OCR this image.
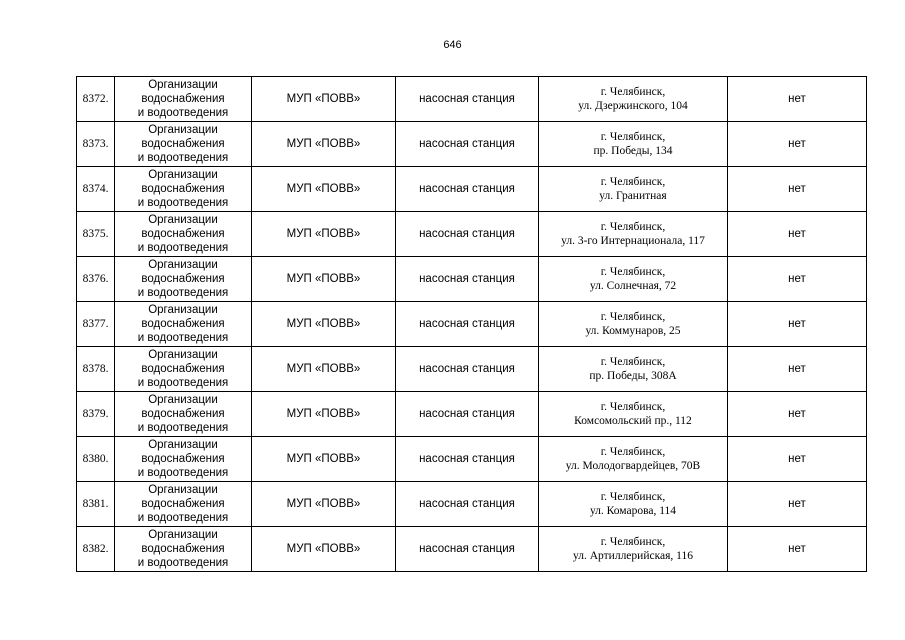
646
8372.	Организации
водоснабжения
и водоотведения	МУП «ПОВВ»	насосная станция	г. Челябинск,
ул. Дзержинского, 104	нет
8373.	Организации
водоснабжения
и водоотведения	МУП «ПОВВ»	насосная станция	г. Челябинск,
пр. Победы, 134	нет
8374.	Организации
водоснабжения
и водоотведения	МУП «ПОВВ»	насосная станция	г. Челябинск,
ул. Гранитная	нет
8375.	Организации
водоснабжения
и водоотведения	МУП «ПОВВ»	насосная станция	г. Челябинск,
ул. 3-го Интернационала, 117	нет
8376.	Организации
водоснабжения
и водоотведения	МУП «ПОВВ»	насосная станция	г. Челябинск,
ул. Солнечная, 72	нет
8377.	Организации
водоснабжения
и водоотведения	МУП «ПОВВ»	насосная станция	г. Челябинск,
ул. Коммунаров, 25	нет
8378.	Организации
водоснабжения
и водоотведения	МУП «ПОВВ»	насосная станция	г. Челябинск,
пр. Победы, 308А	нет
8379.	Организации
водоснабжения
и водоотведения	МУП «ПОВВ»	насосная станция	г. Челябинск,
Комсомольский пр., 112	нет
8380.	Организации
водоснабжения
и водоотведения	МУП «ПОВВ»	насосная станция	г. Челябинск,
ул. Молодогвардейцев, 70В	нет
8381.	Организации
водоснабжения
и водоотведения	МУП «ПОВВ»	насосная станция	г. Челябинск,
ул. Комарова, 114	нет
8382.	Организации
водоснабжения
и водоотведения	МУП «ПОВВ»	насосная станция	г. Челябинск,
ул. Артиллерийская, 116	нет
